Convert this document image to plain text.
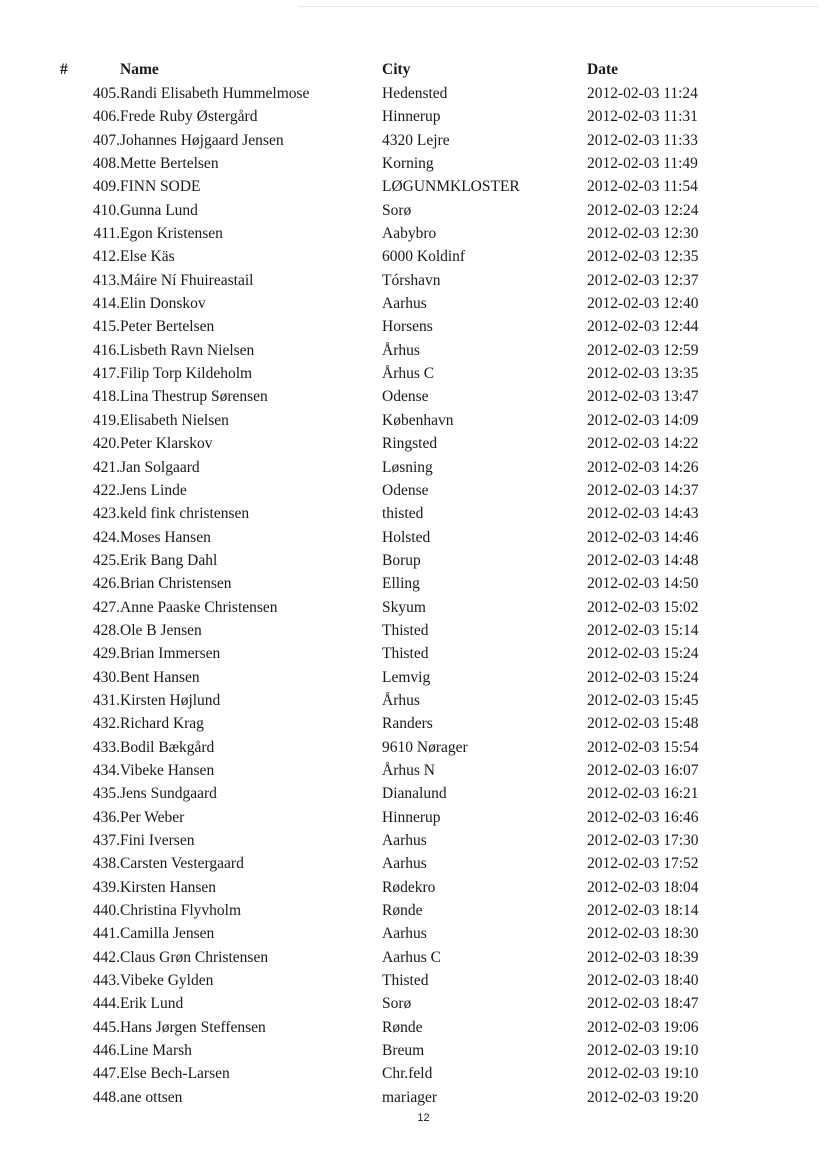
#	Name	City	Date
405.	Randi Elisabeth Hummelmose	Hedensted	2012-02-03 11:24
406.	Frede Ruby Østergård	Hinnerup	2012-02-03 11:31
407.	Johannes Højgaard Jensen	4320 Lejre	2012-02-03 11:33
408.	Mette Bertelsen	Korning	2012-02-03 11:49
409.	FINN SODE	LØGUNMKLOSTER	2012-02-03 11:54
410.	Gunna Lund	Sorø	2012-02-03 12:24
411.	Egon Kristensen	Aabybro	2012-02-03 12:30
412.	Else Käs	6000 Koldinf	2012-02-03 12:35
413.	Máire Ní Fhuireastail	Tórshavn	2012-02-03 12:37
414.	Elin Donskov	Aarhus	2012-02-03 12:40
415.	Peter Bertelsen	Horsens	2012-02-03 12:44
416.	Lisbeth Ravn Nielsen	Århus	2012-02-03 12:59
417.	Filip Torp Kildeholm	Århus C	2012-02-03 13:35
418.	Lina Thestrup Sørensen	Odense	2012-02-03 13:47
419.	Elisabeth Nielsen	København	2012-02-03 14:09
420.	Peter Klarskov	Ringsted	2012-02-03 14:22
421.	Jan Solgaard	Løsning	2012-02-03 14:26
422.	Jens Linde	Odense	2012-02-03 14:37
423.	keld fink christensen	thisted	2012-02-03 14:43
424.	Moses Hansen	Holsted	2012-02-03 14:46
425.	Erik Bang Dahl	Borup	2012-02-03 14:48
426.	Brian Christensen	Elling	2012-02-03 14:50
427.	Anne Paaske Christensen	Skyum	2012-02-03 15:02
428.	Ole B Jensen	Thisted	2012-02-03 15:14
429.	Brian Immersen	Thisted	2012-02-03 15:24
430.	Bent Hansen	Lemvig	2012-02-03 15:24
431.	Kirsten Højlund	Århus	2012-02-03 15:45
432.	Richard Krag	Randers	2012-02-03 15:48
433.	Bodil Bækgård	9610 Nørager	2012-02-03 15:54
434.	Vibeke Hansen	Århus N	2012-02-03 16:07
435.	Jens Sundgaard	Dianalund	2012-02-03 16:21
436.	Per Weber	Hinnerup	2012-02-03 16:46
437.	Fini Iversen	Aarhus	2012-02-03 17:30
438.	Carsten Vestergaard	Aarhus	2012-02-03 17:52
439.	Kirsten Hansen	Rødekro	2012-02-03 18:04
440.	Christina Flyvholm	Rønde	2012-02-03 18:14
441.	Camilla Jensen	Aarhus	2012-02-03 18:30
442.	Claus Grøn Christensen	Aarhus C	2012-02-03 18:39
443.	Vibeke Gylden	Thisted	2012-02-03 18:40
444.	Erik Lund	Sorø	2012-02-03 18:47
445.	Hans Jørgen Steffensen	Rønde	2012-02-03 19:06
446.	Line Marsh	Breum	2012-02-03 19:10
447.	Else Bech-Larsen	Chr.feld	2012-02-03 19:10
448.	ane ottsen	mariager	2012-02-03 19:20
12
